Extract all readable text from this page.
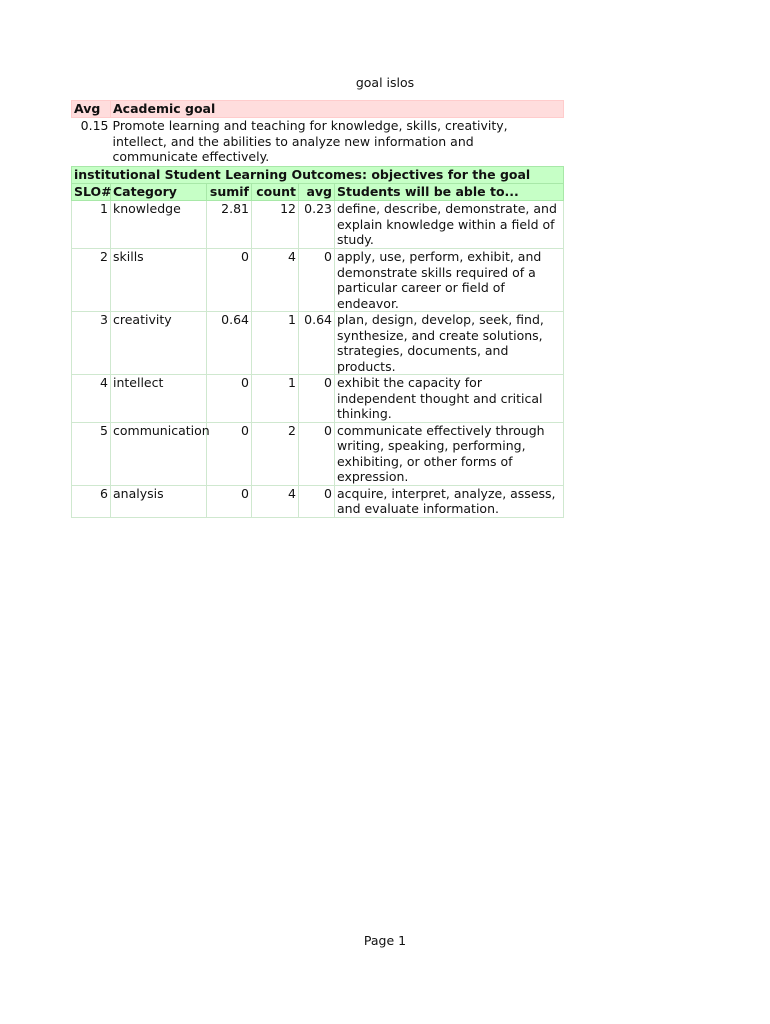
goal islos
Avg	Academic goal				
0.15	Promote learning and teaching for knowledge, skills, creativity, intellect, and the abilities to analyze new information and communicate effectively.				
institutional Student Learning Outcomes: objectives for the goal					
SLO#	Category	sumif	count	avg	Students will be able to...
1	knowledge	2.81	12	0.23	define, describe, demonstrate, and explain knowledge within a field of study.
2	skills	0	4	0	apply, use, perform, exhibit, and demonstrate skills required of a particular career or field of endeavor.
3	creativity	0.64	1	0.64	plan, design, develop, seek, find, synthesize, and create solutions, strategies, documents, and products.
4	intellect	0	1	0	exhibit the capacity for independent thought and critical thinking.
5	communication	0	2	0	communicate effectively through writing, speaking, performing, exhibiting, or other forms of expression.
6	analysis	0	4	0	acquire, interpret, analyze, assess, and evaluate information.
Page 1
